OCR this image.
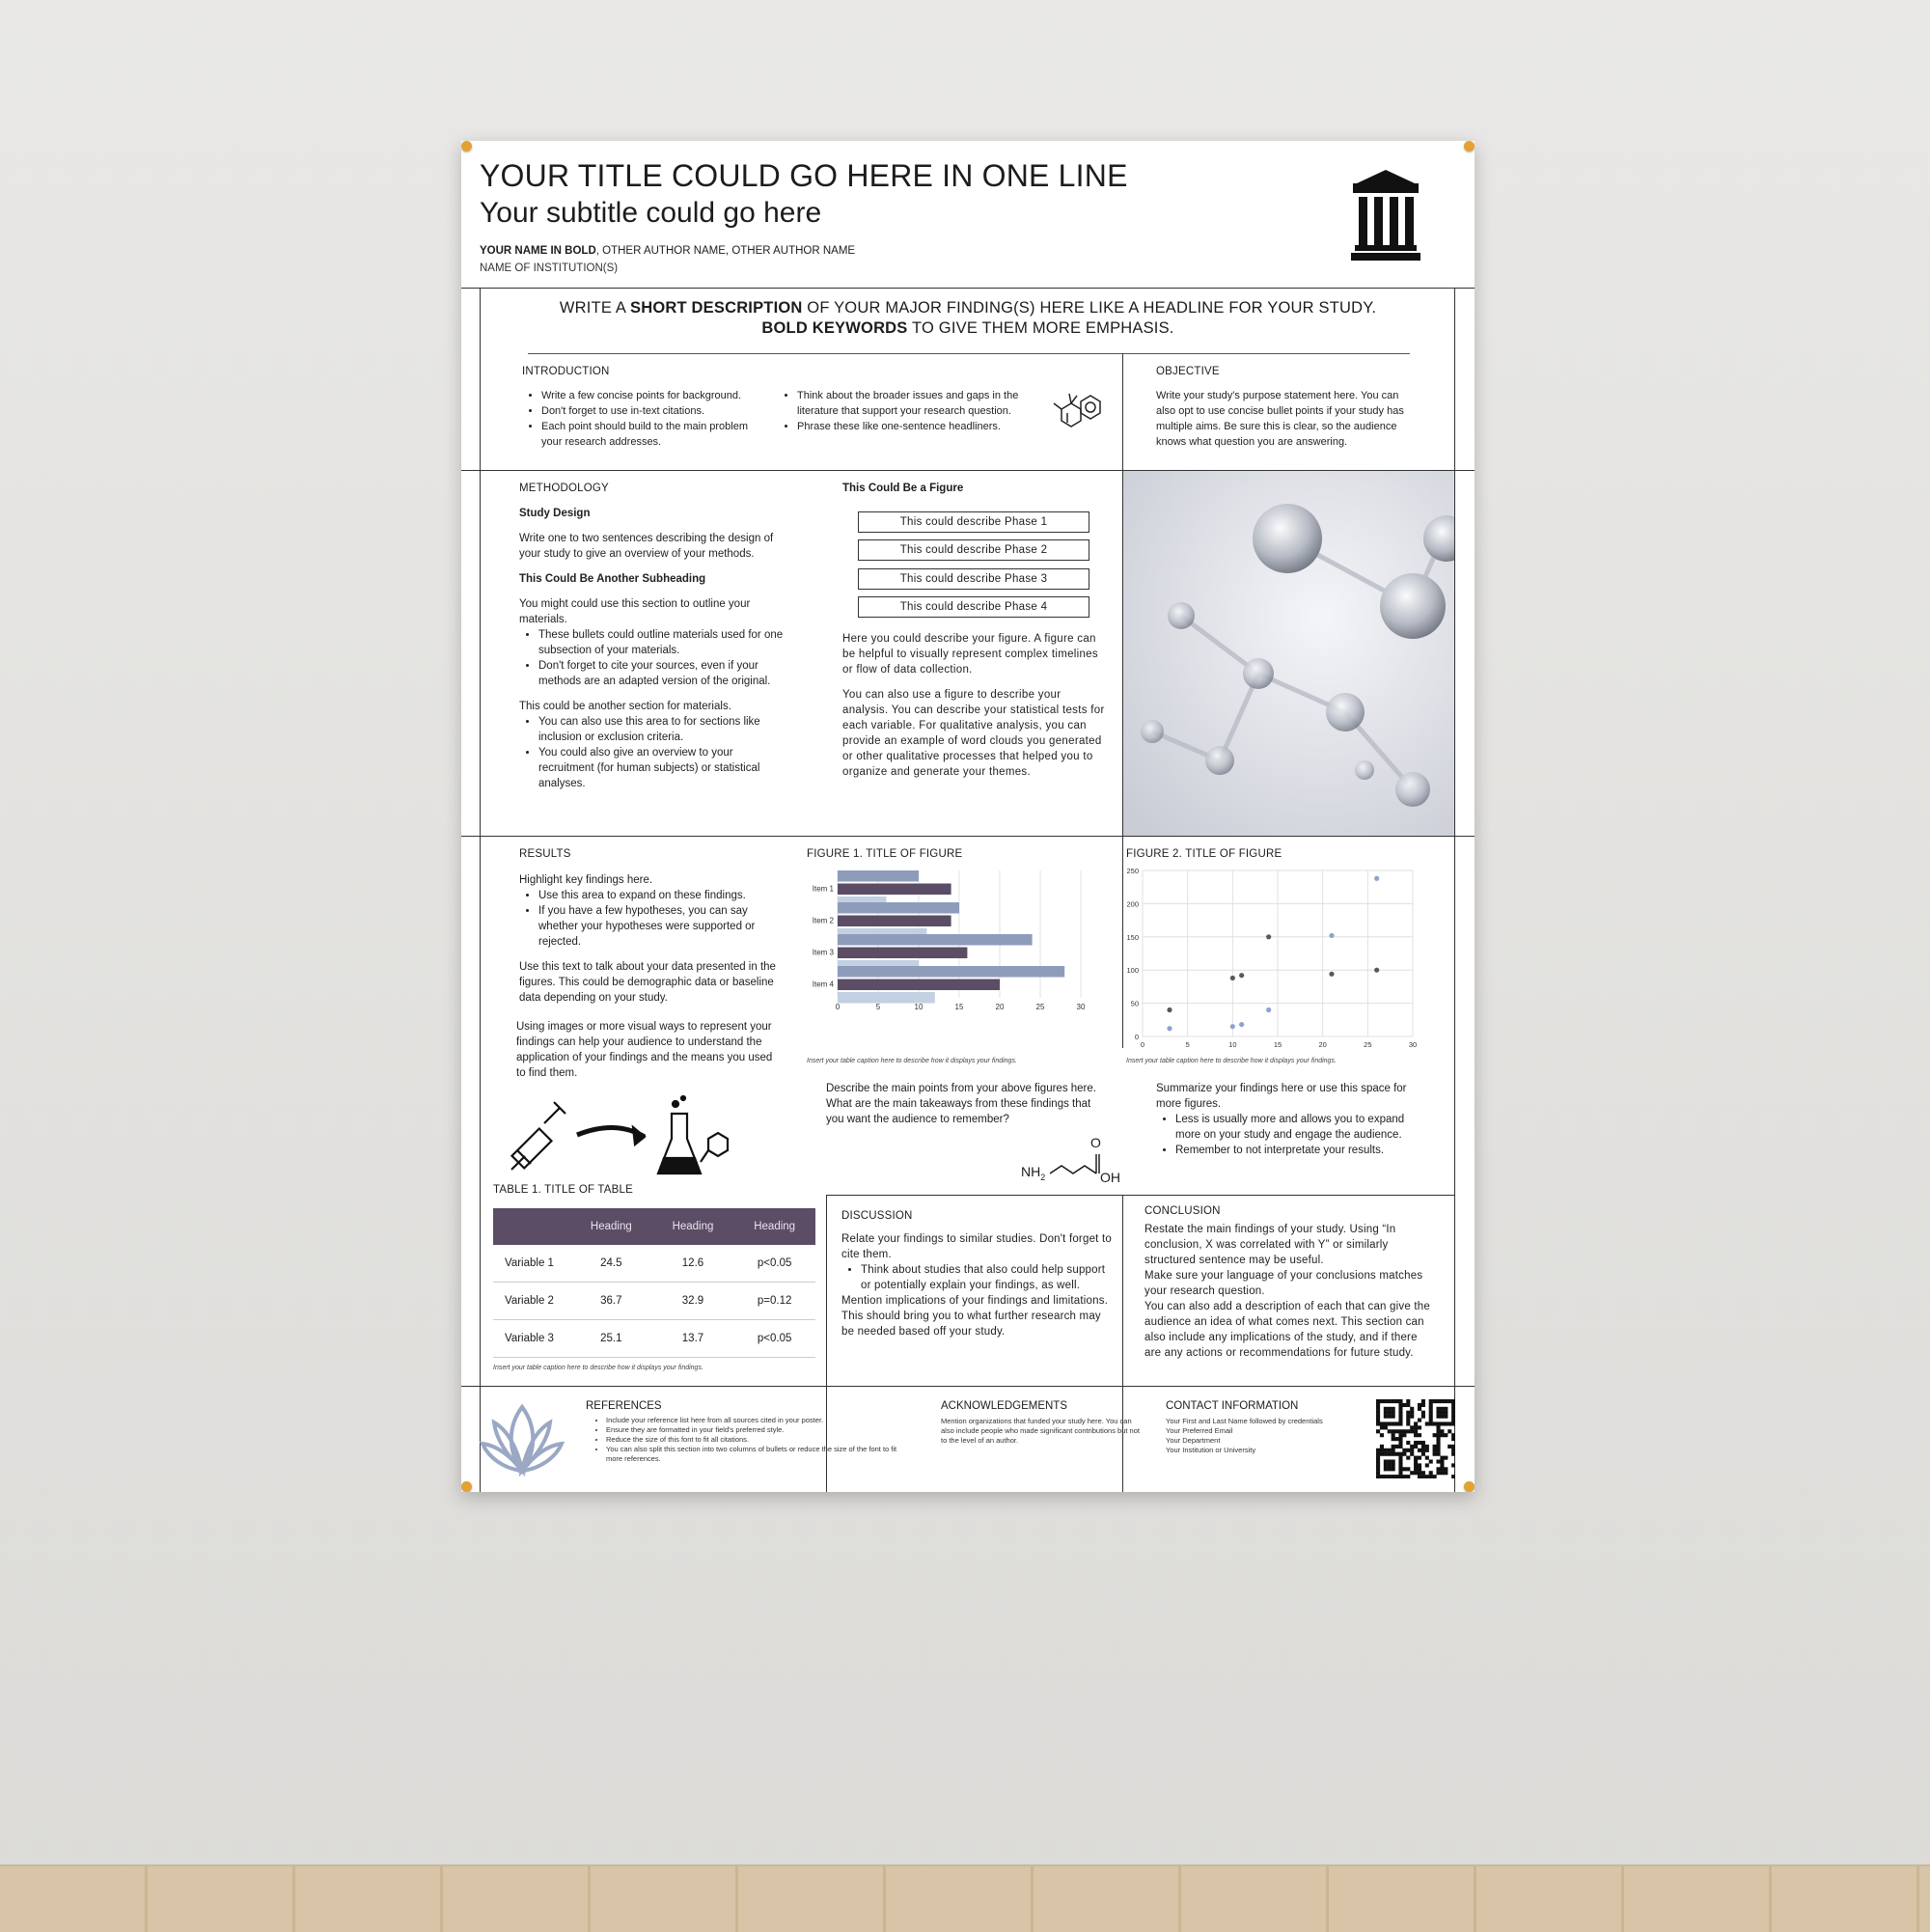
YOUR TITLE COULD GO HERE IN ONE LINE
Your subtitle could go here
YOUR NAME IN BOLD, OTHER AUTHOR NAME, OTHER AUTHOR NAME
NAME OF INSTITUTION(S)
WRITE A SHORT DESCRIPTION OF YOUR MAJOR FINDING(S) HERE LIKE A HEADLINE FOR YOUR STUDY.
BOLD KEYWORDS TO GIVE THEM MORE EMPHASIS.
INTRODUCTION
• Write a few concise points for background.
• Don't forget to use in-text citations.
• Each point should build to the main problem your research addresses.
• Think about the broader issues and gaps in the literature that support your research question.
• Phrase these like one-sentence headliners.
OBJECTIVE
Write your study's purpose statement here. You can also opt to use concise bullet points if your study has multiple aims. Be sure this is clear, so the audience knows what question you are answering.
METHODOLOGY

Study Design

Write one to two sentences describing the design of your study to give an overview of your methods.

This Could Be Another Subheading

You might could use this section to outline your materials.

• These bullets could outline materials used for one subsection of your materials.
• Don't forget to cite your sources, even if your methods are an adapted version of the original.

This could be another section for materials.

• You can also use this area to for sections like inclusion or exclusion criteria.
• You could also give an overview to your recruitment (for human subjects) or statistical analyses.
This Could Be a Figure
This could describe Phase 1
This could describe Phase 2
This could describe Phase 3
This could describe Phase 4

Here you could describe your figure. A figure can be helpful to visually represent complex timelines or flow of data collection.

You can also use a figure to describe your analysis. You can describe your statistical tests for each variable. For qualitative analysis, you can provide an example of word clouds you generated or other qualitative processes that helped you to organize and generate your themes.

RESULTS

Highlight key findings here.

• Use this area to expand on these findings.
• If you have a few hypotheses, you can say whether your hypotheses were supported or rejected.

Use this text to talk about your data presented in the figures. This could be demographic data or baseline data depending on your study.

Using images or more visual ways to represent your findings can help your audience to understand the application of your findings and the means you used to find them.

FIGURE 1. TITLE OF FIGURE
0	5	10	15	20	25	30
Item 1
Item 2
Item 3
Item 4
Insert your table caption here to describe how it displays your findings.
FIGURE 2. TITLE OF FIGURE
0	5	10	15	20	25	30
0
50
100
150
200
250
Insert your table caption here to describe how it displays your findings.
Describe the main points from your above figures here. What are the main takeaways from these findings that you want the audience to remember?

Summarize your findings here or use this space for more figures.

• Less is usually more and allows you to expand more on your study and engage the audience.
• Remember to not interpretate your results.
$NH_2$
O
OH
TABLE 1. TITLE OF TABLE
	Heading	Heading	Heading
Variable 1	24.5	12.6	p<0.05
Variable 2	36.7	32.9	p=0.12
Variable 3	25.1	13.7	p<0.05
Insert your table caption here to describe how it displays your findings.
DISCUSSION

Relate your findings to similar studies. Don't forget to cite them.

• Think about studies that also could help support or potentially explain your findings, as well.

Mention implications of your findings and limitations. This should bring you to what further research may be needed based off your study.

CONCLUSION

Restate the main findings of your study. Using “In conclusion, X was correlated with Y” or similarly structured sentence may be useful.

Make sure your language of your conclusions matches your research question.

You can also add a description of each that can give the audience an idea of what comes next. This section can also include any implications of the study, and if there are any actions or recommendations for future study.

REFERENCES
• Include your reference list here from all sources cited in your poster.
• Ensure they are formatted in your field's preferred style.
• Reduce the size of this font to fit all citations.
• You can also split this section into two columns of bullets or reduce the size of the font to fit more references.
ACKNOWLEDGEMENTS
Mention organizations that funded your study here. You can also include people who made significant contributions but not to the level of an author.
CONTACT INFORMATION
Your First and Last Name followed by credentials
Your Preferred Email
Your Department
Your Institution or University
